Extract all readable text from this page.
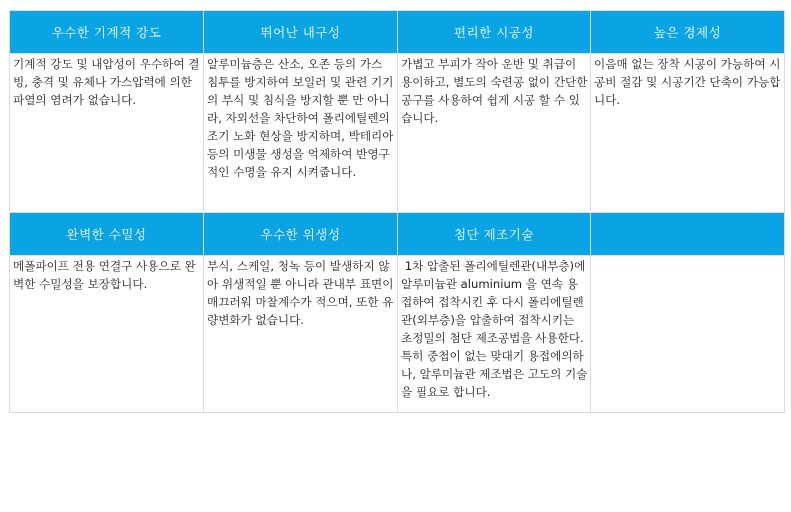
우수한 기계적 강도	뛰어난 내구성	편리한 시공성	높은 경제성
기계적 강도 및 내압성이 우수하여 결빙, 충격 및 유체나 가스압력에 의한 파열의 염려가 없습니다.	알루미늄층은 산소, 오존 등의 가스 침투를 방지하여 보일러 및 관련 기기의 부식 및 침식을 방지할 뿐 만 아니라, 자외선을 차단하여 폴리에틸렌의 조기 노화 현상을 방지하며, 박테리아 등의 미생물 생성을 억제하여 반영구적인 수명을 유지 시켜줍니다.	가볍고 부피가 작아 운반 및 취급이 용이하고, 별도의 숙련공 없이 간단한 공구를 사용하여 쉽게 시공 할 수 있습니다.	이음매 없는 장착 시공이 가능하여 시공비 절감 및 시공기간 단축이 가능합니다.
완벽한 수밀성	우수한 위생성	첨단 제조기술	
메폴파이프 전용 연결구 사용으로 완벽한 수밀성을 보장합니다.	부식, 스케일, 청녹 등이 발생하지 않아 위생적일 뿐 아니라 관내부 표면이 매끄러워 마찰계수가 적으며, 또한 유량변화가 없습니다.	1차 압출된 폴리에틸렌관(내부층)에 알루미늄관 aluminium 을 연속 용접하여 접착시킨 후 다시 폴리에틸렌관(외부층)을 압출하여 접착시키는 초정밀의 첨단 제조공법을 사용한다.특히 중첩이 없는 맞대기 용접에의하나, 알루미늄관 제조법은 고도의 기술을 필요로 합니다.	
